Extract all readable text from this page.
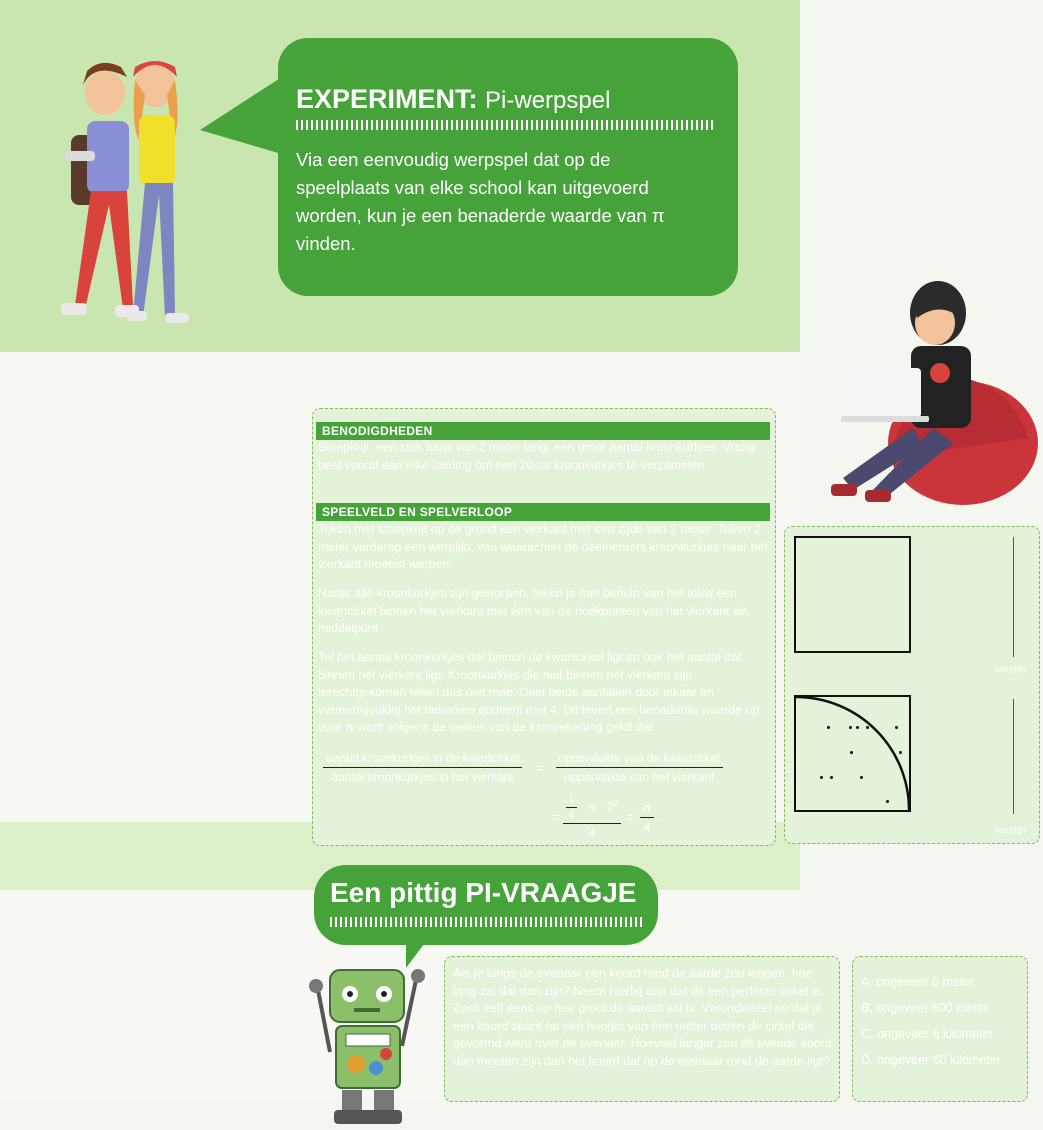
EXPERIMENT: Pi-werpspel
Via een eenvoudig werpspel dat op de speelplaats van elke school kan uitgevoerd worden, kun je een benaderde waarde van π vinden.
BENODIGDHEDEN
Stoepkrijt, een stuk touw van 2 meter lang, een groot aantal kroonkurkjes. Vraag best vooraf aan elke leerling om een 20-tal kroonkurkjes te verzamelen.
SPEELVELD EN SPELVERLOOP
Teken met stoepkrijt op de grond een vierkant met een zijde van 2 meter. Teken 2 meter verderop een werplijn, van waarachter de deelnemers kroonkurkjes naar het vierkant moeten werpen.
Nadat alle kroonkurkjes zijn geworpen, teken je met behulp van het touw een kwartcirkel binnen het vierkant met één van de hoekpunten van het vierkant als middelpunt.
Tel het aantal kroonkurkjes dat binnen de kwartcirkel ligt en ook het aantal dat binnen het vierkant ligt. Kroonkurkjes die niet binnen het vierkant zijn terechtgekomen tellen dus niet mee. Deel beide aantallen door elkaar en vermenigvuldig het bekomen quotiënt met 4. Dit levert een benaderde waarde op voor π want volgens de wetten van de kansrekening geldt dat
$\frac{\text{aantal kroonkurkjes in de kwartcirkel}}{\text{aantal kroonkurkjes in het vierkant}} = \frac{\text{oppervlakte van de kwartcirkel}}{\text{oppervlakte van het vierkant}}$
= $\frac{\frac{1}{4} \cdot \pi \cdot 2^2}{4} = \frac{\pi}{4}$ .
werplijn
werplijn
Een pittig PI-VRAAGJE
Als je langs de evenaar een koord rond de aarde zou leggen, hoe lang zal dat dan zijn? Neem hierbij aan dat dit een perfecte cirkel is. Zoek zelf eens op hoe groot de aardstraal is. Veronderstel nu dat je een koord spant op een hoogte van één meter boven de cirkel die gevormd werd over de evenaar. Hoeveel langer zou dit tweede koord dan moeten zijn dan het koord dat op de evenaar rond de aarde ligt?
A. ongeveer 6 meter
B. ongeveer 600 meter
C. ongeveer 6 kilometer
D. ongeveer 60 kilometer
